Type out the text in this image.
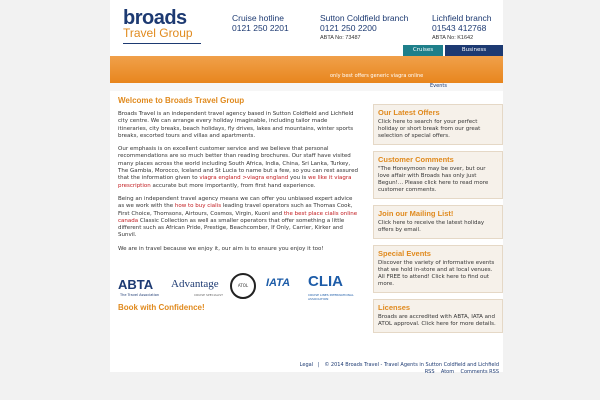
broads
Travel Group
Cruise hotline
0121 250 2201
Sutton Coldfield branch
0121 250 2200
ABTA No: 73487
Lichfield branch
01543 412768
ABTA No: K1642
Cruises	Business
only best offers generic viagra online
Events
Welcome to Broads Travel Group

Broads Travel is an independent travel agency based in Sutton Coldfield and Lichfield city centre. We can arrange every holiday imaginable, including tailor made itineraries, city breaks, beach holidays, fly drives, lakes and mountains, winter sports breaks, escorted tours and villas and apartments.

Our emphasis is on excellent customer service and we believe that personal recommendations are so much better than reading brochures. Our staff have visited many places across the world including South Africa, India, China, Sri Lanka, Turkey, The Gambia, Morocco, Iceland and St Lucia to name but a few, so you can rest assured that the information given to viagra england >viagra england you is we like it viagra prescription accurate but more importantly, from first hand experience.

Being an independent travel agency means we can offer you unbiased expert advice as we work with the how to buy cialis leading travel operators such as Thomas Cook, First Choice, Thomsons, Airtours, Cosmos, Virgin, Kuoni and the best place cialis online canada Classic Collection as well as smaller operators that offer something a little different such as African Pride, Prestige, Beachcomber, If Only, Carrier, Kirker and Sunvil.

We are in travel because we enjoy it, our aim is to ensure you enjoy it too!

ABTA
The Travel Association
Advantage
CRUISE SPECIALIST
ATOL	IATA CLIA
CRUISE LINES INTERNATIONAL ASSOCIATION
Book with Confidence!
Our Latest Offers
Click here to search for your perfect holiday or short break from our great selection of special offers.
Customer Comments
"The Honeymoon may be over, but our love affair with Broads has only just Begun!... Please click here to read more customer comments.
Join our Mailing List!
Click here to receive the latest holiday offers by email.
Special Events
Discover the variety of informative events that we hold in-store and at local venues. All FREE to attend! Click here to find out more.
Licenses
Broads are accredited with ABTA, IATA and ATOL approval. Click here for more details.
Legal | © 2014 Broads Travel - Travel Agents in Sutton Coldfield and Lichfield
RSS Atom Comments RSS
